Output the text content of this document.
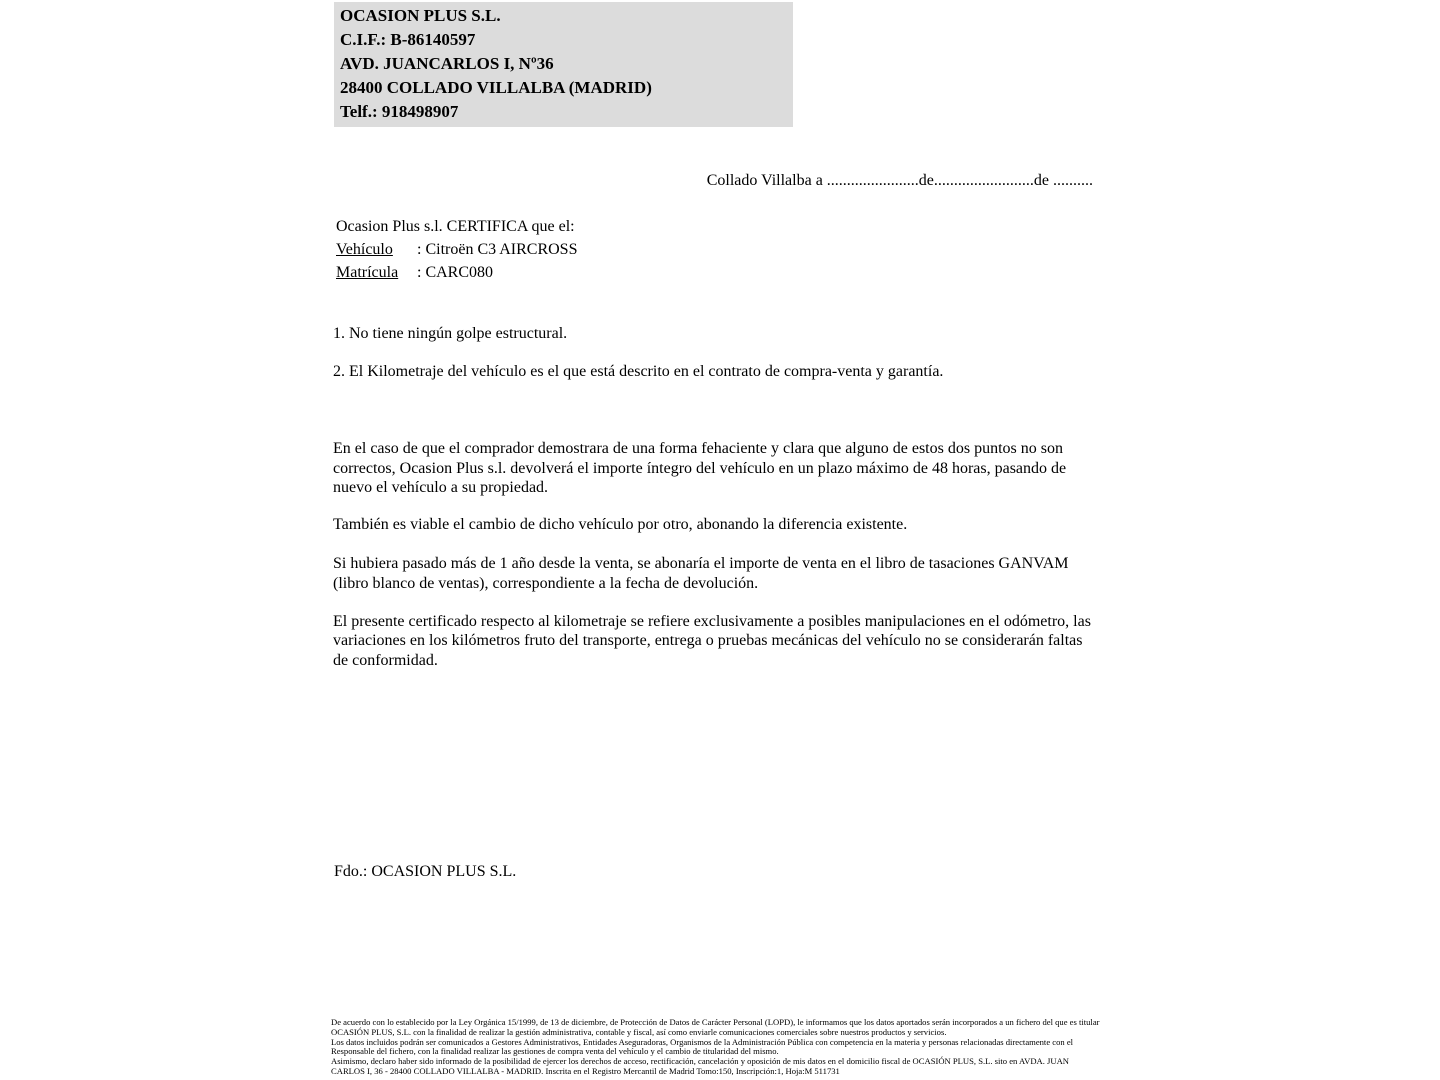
OCASION PLUS S.L.
C.I.F.: B-86140597
AVD. JUANCARLOS I, Nº36
28400 COLLADO VILLALBA (MADRID)
Telf.: 918498907
Collado Villalba a .......................de.........................de ..........
Ocasion Plus s.l. CERTIFICA que el:
Vehículo : Citroën C3 AIRCROSS
Matrícula : CARC080

1. No tiene ningún golpe estructural.

2. El Kilometraje del vehículo es el que está descrito en el contrato de compra-venta y garantía.

En el caso de que el comprador demostrara de una forma fehaciente y clara que alguno de estos dos puntos no son correctos, Ocasion Plus s.l. devolverá el importe íntegro del vehículo en un plazo máximo de 48 horas, pasando de nuevo el vehículo a su propiedad.

También es viable el cambio de dicho vehículo por otro, abonando la diferencia existente.

Si hubiera pasado más de 1 año desde la venta, se abonaría el importe de venta en el libro de tasaciones GANVAM (libro blanco de ventas), correspondiente a la fecha de devolución.

El presente certificado respecto al kilometraje se refiere exclusivamente a posibles manipulaciones en el odómetro, las variaciones en los kilómetros fruto del transporte, entrega o pruebas mecánicas del vehículo no se considerarán faltas de conformidad.

Fdo.: OCASION PLUS S.L.
De acuerdo con lo establecido por la Ley Orgánica 15/1999, de 13 de diciembre, de Protección de Datos de Carácter Personal (LOPD), le informamos que los datos aportados serán incorporados a un fichero del que es titular OCASIÓN PLUS, S.L. con la finalidad de realizar la gestión administrativa, contable y fiscal, así como enviarle comunicaciones comerciales sobre nuestros productos y servicios.
Los datos incluidos podrán ser comunicados a Gestores Administrativos, Entidades Aseguradoras, Organismos de la Administración Pública con competencia en la materia y personas relacionadas directamente con el Responsable del fichero, con la finalidad realizar las gestiones de compra venta del vehículo y el cambio de titularidad del mismo.
Asimismo, declaro haber sido informado de la posibilidad de ejercer los derechos de acceso, rectificación, cancelación y oposición de mis datos en el domicilio fiscal de OCASIÓN PLUS, S.L. sito en AVDA. JUAN CARLOS I, 36 - 28400 COLLADO VILLALBA - MADRID. Inscrita en el Registro Mercantil de Madrid Tomo:150, Inscripción:1, Hoja:M 511731
